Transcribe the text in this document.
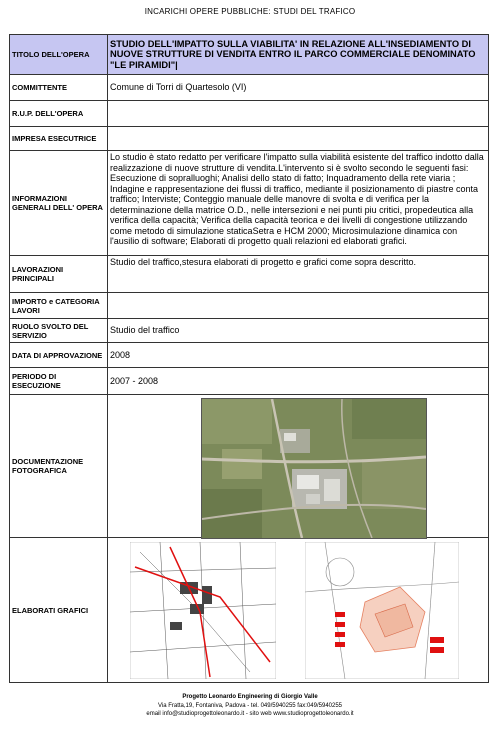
INCARICHI OPERE PUBBLICHE: STUDI DEL TRAFICO
TITOLO DELL'OPERA	STUDIO DELL'IMPATTO SULLA VIABILITA' IN RELAZIONE ALL'INSEDIAMENTO DI NUOVE STRUTTURE DI VENDITA ENTRO IL PARCO COMMERCIALE DENOMINATO "LE PIRAMIDI"|
COMMITTENTE	Comune di Torri di Quartesolo (VI)
R.U.P. DELL'OPERA	
IMPRESA ESECUTRICE	
INFORMAZIONI GENERALI DELL' OPERA	Lo studio è stato redatto per verificare l'impatto sulla viabilità esistente del traffico indotto dalla realizzazione di nuove strutture di vendita.L'intervento si è svolto secondo le seguenti fasi: Esecuzione di sopralluoghi; Analisi dello stato di fatto; Inquadramento della rete viaria ; Indagine e rappresentazione dei flussi di traffico, mediante il posizionamento di piastre conta traffico; Interviste; Conteggio manuale delle manovre di svolta e di verifica per la determinazione della matrice O.D., nelle intersezioni e nei punti piu critici, propedeutica alla verifica della capacità; Verifica della capacità teorica e dei livelli di congestione utilizzando come metodo di simulazione staticaSetra e HCM 2000; Microsimulazione dinamica con l'ausilio di software; Elaborati di progetto quali relazioni ed elaborati grafici.
LAVORAZIONI PRINCIPALI	Studio del traffico,stesura elaborati di progetto e grafici come sopra descritto.
IMPORTO e CATEGORIA LAVORI	
RUOLO SVOLTO DEL SERVIZIO	Studio del traffico
DATA DI APPROVAZIONE	2008
PERIODO DI ESECUZIONE	2007 - 2008
DOCUMENTAZIONE FOTOGRAFICA	

ELABORATI GRAFICI	
Progetto Leonardo Engineering di Giorgio Valle
Via Fratta,19, Fontaniva, Padova - tel. 049/5940255 fax:049/5940255
email info@studioprogettoleonardo.it - sito web www.studioprogettoleonardo.it
